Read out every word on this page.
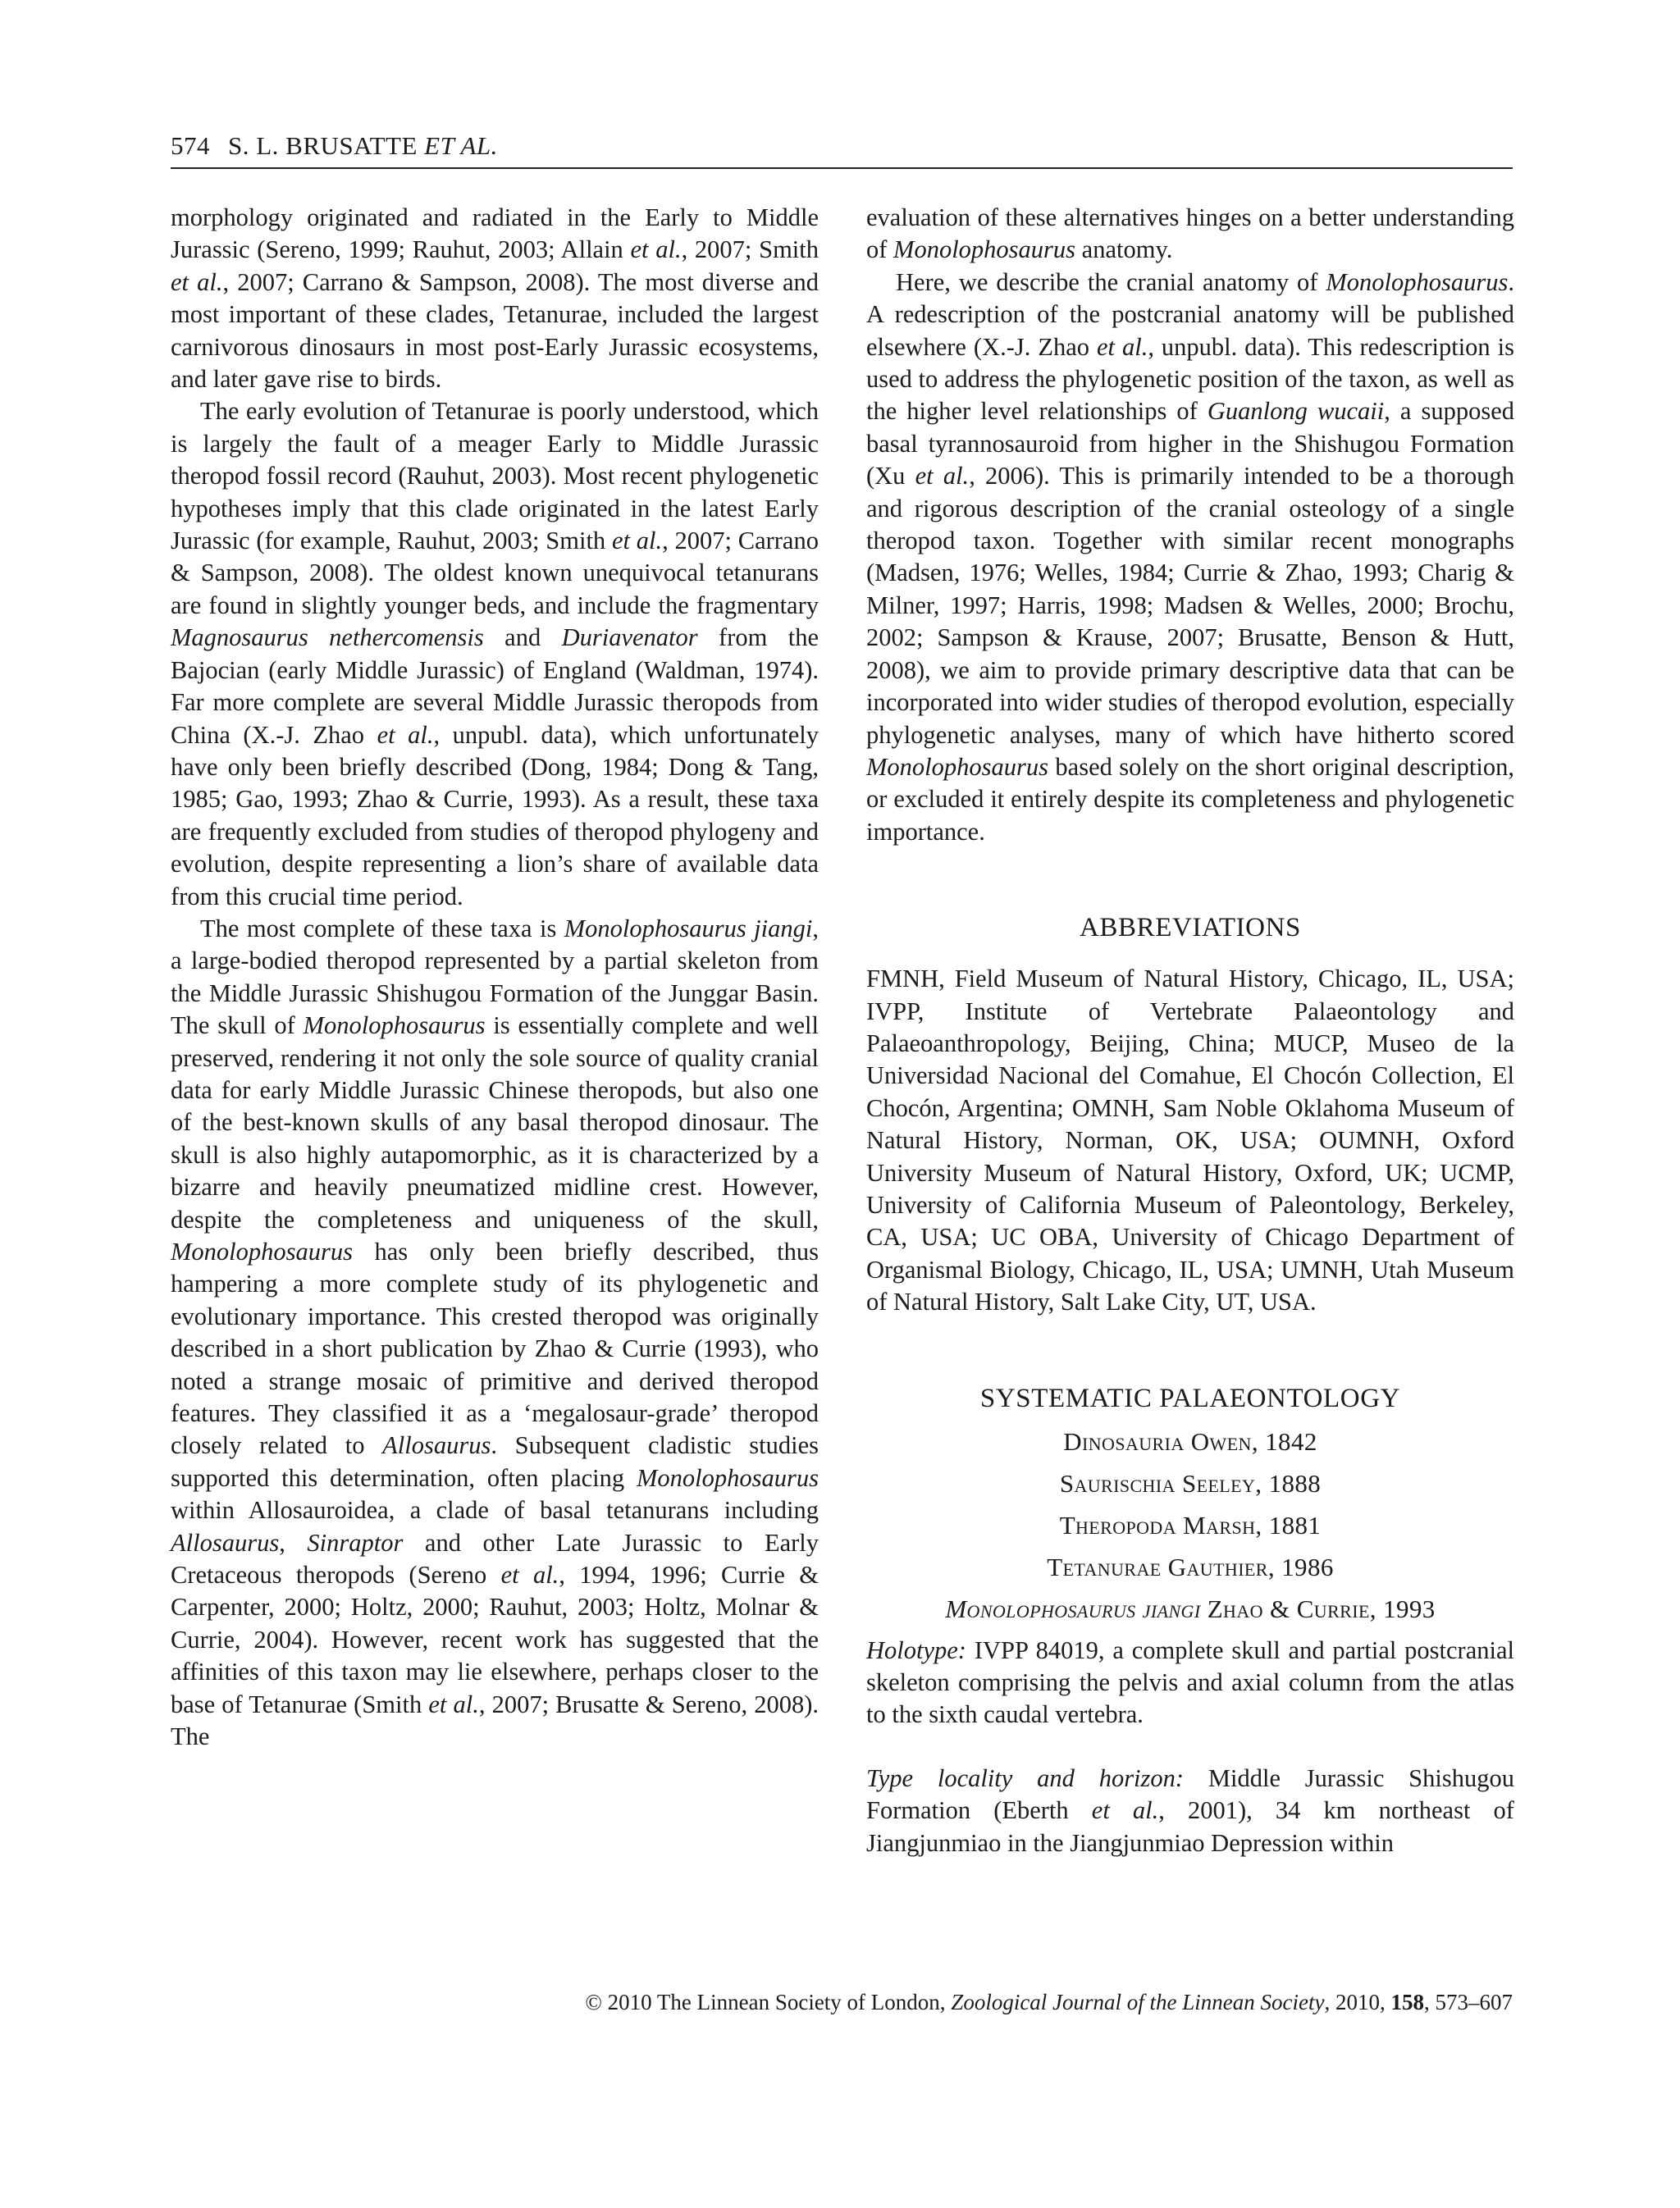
574 S. L. BRUSATTE ET AL.

morphology originated and radiated in the Early to Middle Jurassic (Sereno, 1999; Rauhut, 2003; Allain et al., 2007; Smith et al., 2007; Carrano & Sampson, 2008). The most diverse and most important of these clades, Tetanurae, included the largest carnivorous dinosaurs in most post-Early Jurassic ecosystems, and later gave rise to birds.

The early evolution of Tetanurae is poorly understood, which is largely the fault of a meager Early to Middle Jurassic theropod fossil record (Rauhut, 2003). Most recent phylogenetic hypotheses imply that this clade originated in the latest Early Jurassic (for example, Rauhut, 2003; Smith et al., 2007; Carrano & Sampson, 2008). The oldest known unequivocal tetanurans are found in slightly younger beds, and include the fragmentary Magnosaurus nethercomensis and Duriavenator from the Bajocian (early Middle Jurassic) of England (Waldman, 1974). Far more complete are several Middle Jurassic theropods from China (X.-J. Zhao et al., unpubl. data), which unfortunately have only been briefly described (Dong, 1984; Dong & Tang, 1985; Gao, 1993; Zhao & Currie, 1993). As a result, these taxa are frequently excluded from studies of theropod phylogeny and evolution, despite representing a lion’s share of available data from this crucial time period.

The most complete of these taxa is Monolophosaurus jiangi, a large-bodied theropod represented by a partial skeleton from the Middle Jurassic Shishugou Formation of the Junggar Basin. The skull of Monolophosaurus is essentially complete and well preserved, rendering it not only the sole source of quality cranial data for early Middle Jurassic Chinese theropods, but also one of the best-known skulls of any basal theropod dinosaur. The skull is also highly autapomorphic, as it is characterized by a bizarre and heavily pneumatized midline crest. However, despite the completeness and uniqueness of the skull, Monolophosaurus has only been briefly described, thus hampering a more complete study of its phylogenetic and evolutionary importance. This crested theropod was originally described in a short publication by Zhao & Currie (1993), who noted a strange mosaic of primitive and derived theropod features. They classified it as a ‘megalosaur-grade’ theropod closely related to Allosaurus. Subsequent cladistic studies supported this determination, often placing Monolophosaurus within Allosauroidea, a clade of basal tetanurans including Allosaurus, Sinraptor and other Late Jurassic to Early Cretaceous theropods (Sereno et al., 1994, 1996; Currie & Carpenter, 2000; Holtz, 2000; Rauhut, 2003; Holtz, Molnar & Currie, 2004). However, recent work has suggested that the affinities of this taxon may lie elsewhere, perhaps closer to the base of Tetanurae (Smith et al., 2007; Brusatte & Sereno, 2008). The

evaluation of these alternatives hinges on a better understanding of Monolophosaurus anatomy.

Here, we describe the cranial anatomy of Monolophosaurus. A redescription of the postcranial anatomy will be published elsewhere (X.-J. Zhao et al., unpubl. data). This redescription is used to address the phylogenetic position of the taxon, as well as the higher level relationships of Guanlong wucaii, a supposed basal tyrannosauroid from higher in the Shishugou Formation (Xu et al., 2006). This is primarily intended to be a thorough and rigorous description of the cranial osteology of a single theropod taxon. Together with similar recent monographs (Madsen, 1976; Welles, 1984; Currie & Zhao, 1993; Charig & Milner, 1997; Harris, 1998; Madsen & Welles, 2000; Brochu, 2002; Sampson & Krause, 2007; Brusatte, Benson & Hutt, 2008), we aim to provide primary descriptive data that can be incorporated into wider studies of theropod evolution, especially phylogenetic analyses, many of which have hitherto scored Monolophosaurus based solely on the short original description, or excluded it entirely despite its completeness and phylogenetic importance.

ABBREVIATIONS

FMNH, Field Museum of Natural History, Chicago, IL, USA; IVPP, Institute of Vertebrate Palaeontology and Palaeoanthropology, Beijing, China; MUCP, Museo de la Universidad Nacional del Comahue, El Chocón Collection, El Chocón, Argentina; OMNH, Sam Noble Oklahoma Museum of Natural History, Norman, OK, USA; OUMNH, Oxford University Museum of Natural History, Oxford, UK; UCMP, University of California Museum of Paleontology, Berkeley, CA, USA; UC OBA, University of Chicago Department of Organismal Biology, Chicago, IL, USA; UMNH, Utah Museum of Natural History, Salt Lake City, UT, USA.

SYSTEMATIC PALAEONTOLOGY
Dinosauria Owen, 1842
Saurischia Seeley, 1888
Theropoda Marsh, 1881
Tetanurae Gauthier, 1986
Monolophosaurus jiangi Zhao & Currie, 1993

Holotype: IVPP 84019, a complete skull and partial postcranial skeleton comprising the pelvis and axial column from the atlas to the sixth caudal vertebra.

Type locality and horizon: Middle Jurassic Shishugou Formation (Eberth et al., 2001), 34 km northeast of Jiangjunmiao in the Jiangjunmiao Depression within

© 2010 The Linnean Society of London, Zoological Journal of the Linnean Society, 2010, 158, 573–607
